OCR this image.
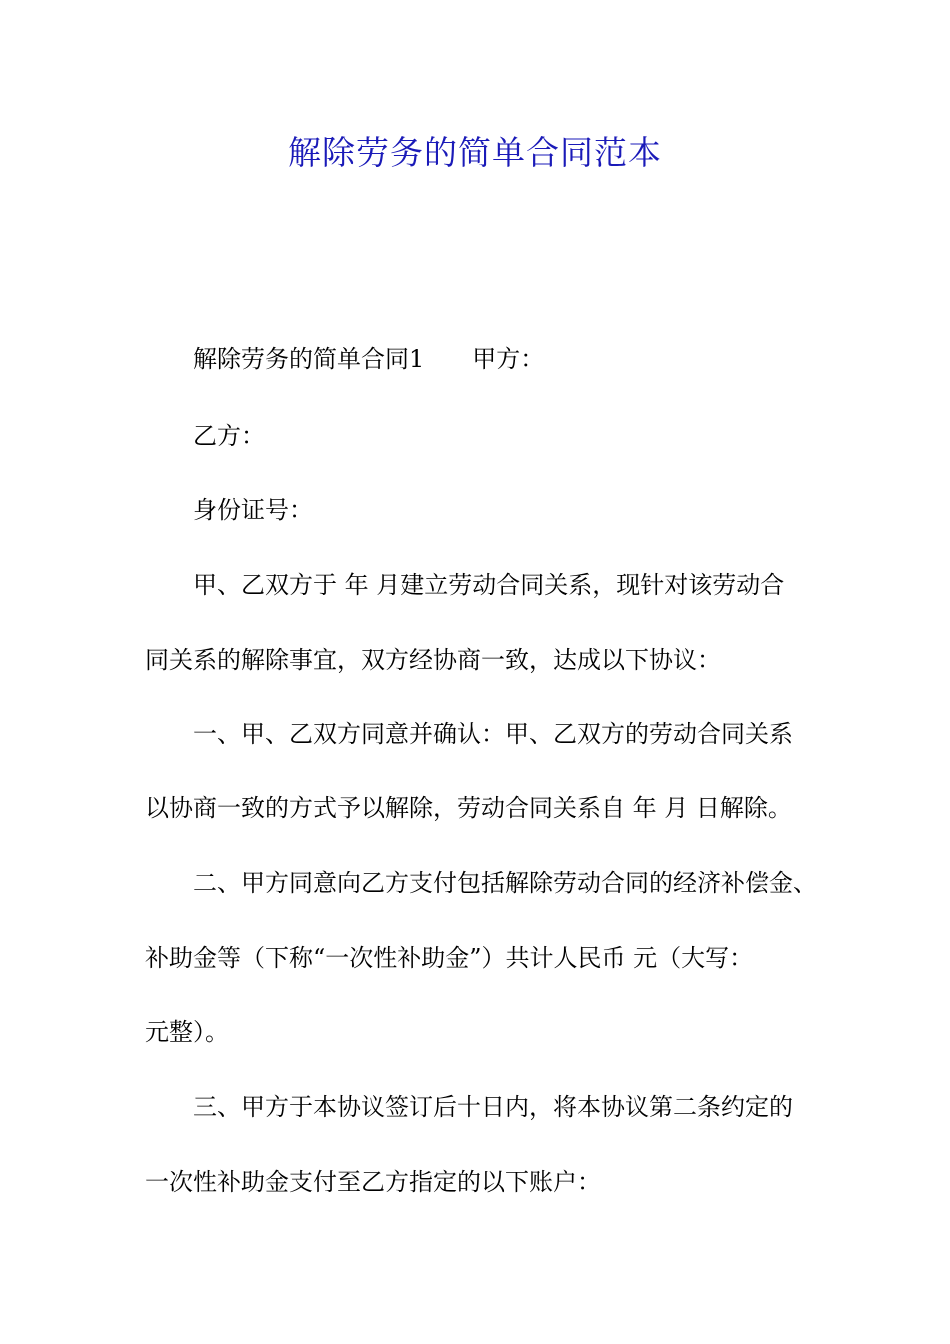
解除劳务的简单合同范本

解除劳务的简单合同1 甲方：

乙方：

身份证号：

甲、乙双方于 年 月建立劳动合同关系，现针对该劳动合

同关系的解除事宜，双方经协商一致，达成以下协议：

一、甲、乙双方同意并确认：甲、乙双方的劳动合同关系

以协商一致的方式予以解除，劳动合同关系自 年 月 日解除。

二、甲方同意向乙方支付包括解除劳动合同的经济补偿金、

补助金等（下称“一次性补助金”）共计人民币 元（大写：

元整）。

三、甲方于本协议签订后十日内，将本协议第二条约定的

一次性补助金支付至乙方指定的以下账户：
